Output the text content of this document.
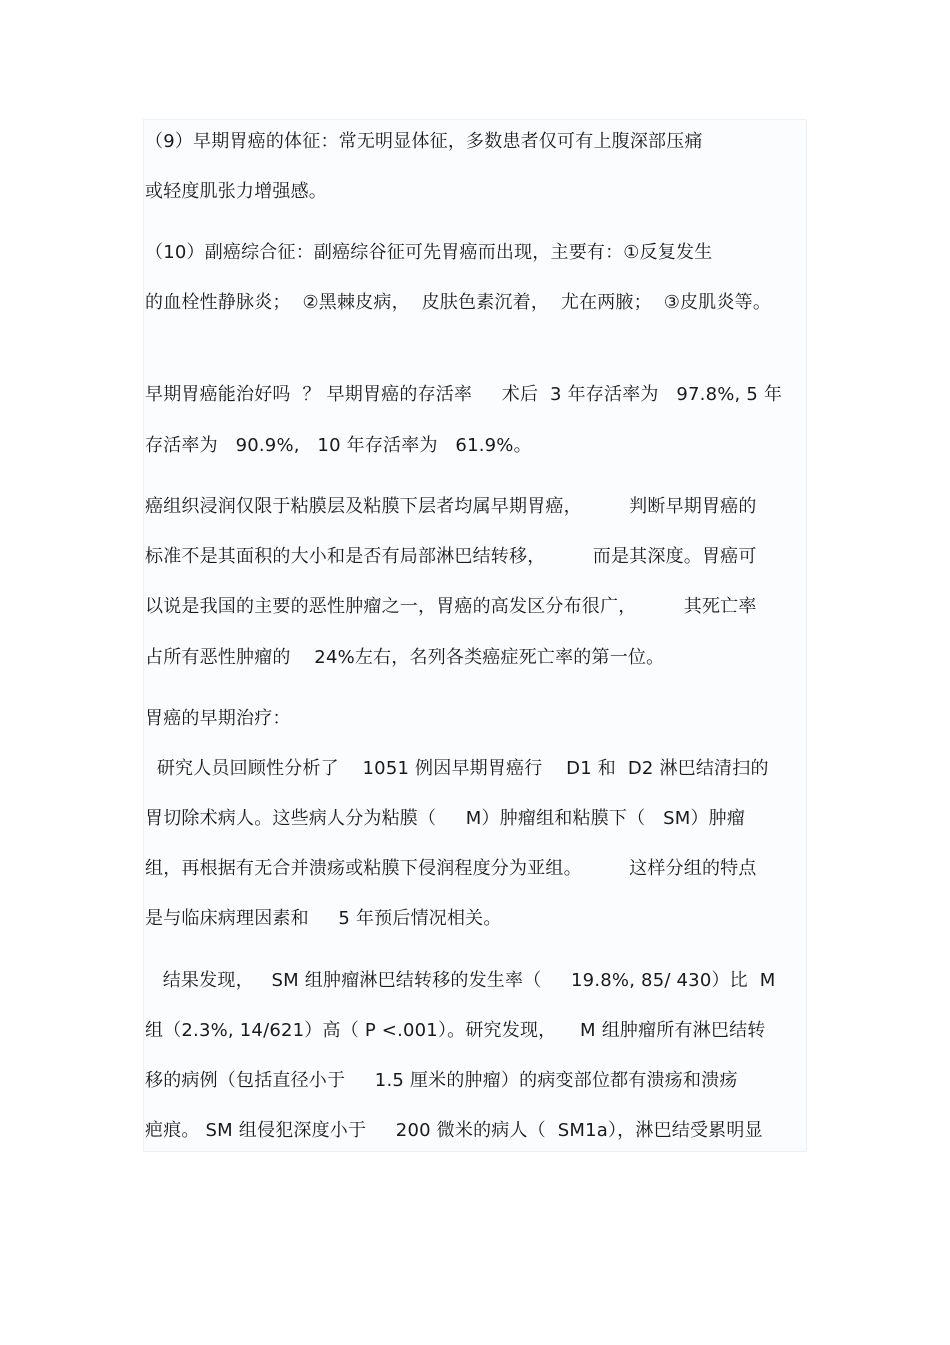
（9）早期胃癌的体征：常无明显体征，多数患者仅可有上腹深部压痛
或轻度肌张力增强感。
（10）副癌综合征：副癌综谷征可先胃癌而出现，主要有：①反复发生
的血栓性静脉炎；  ②黑棘皮病，  皮肤色素沉着，  尤在两腋；  ③皮肌炎等。
早期胃癌能治好吗  ？ 早期胃癌的存活率     术后  3 年存活率为   97.8%, 5 年
存活率为   90.9%,   10 年存活率为   61.9%。
癌组织浸润仅限于粘膜层及粘膜下层者均属早期胃癌，        判断早期胃癌的
标准不是其面积的大小和是否有局部淋巴结转移，        而是其深度。胃癌可
以说是我国的主要的恶性肿瘤之一，胃癌的高发区分布很广，        其死亡率
占所有恶性肿瘤的    24%左右，名列各类癌症死亡率的第一位。
胃癌的早期治疗：
研究人员回顾性分析了    1051 例因早期胃癌行    D1 和  D2 淋巴结清扫的
胃切除术病人。这些病人分为粘膜（     M）肿瘤组和粘膜下（   SM）肿瘤
组，再根据有无合并溃疡或粘膜下侵润程度分为亚组。        这样分组的特点
是与临床病理因素和     5 年预后情况相关。
结果发现，   SM 组肿瘤淋巴结转移的发生率（     19.8%, 85/ 430）比  M
组（2.3%, 14/621）高（ P <.001）。研究发现，    M 组肿瘤所有淋巴结转
移的病例（包括直径小于     1.5 厘米的肿瘤）的病变部位都有溃疡和溃疡
疤痕。 SM 组侵犯深度小于     200 微米的病人（  SM1a），淋巴结受累明显
